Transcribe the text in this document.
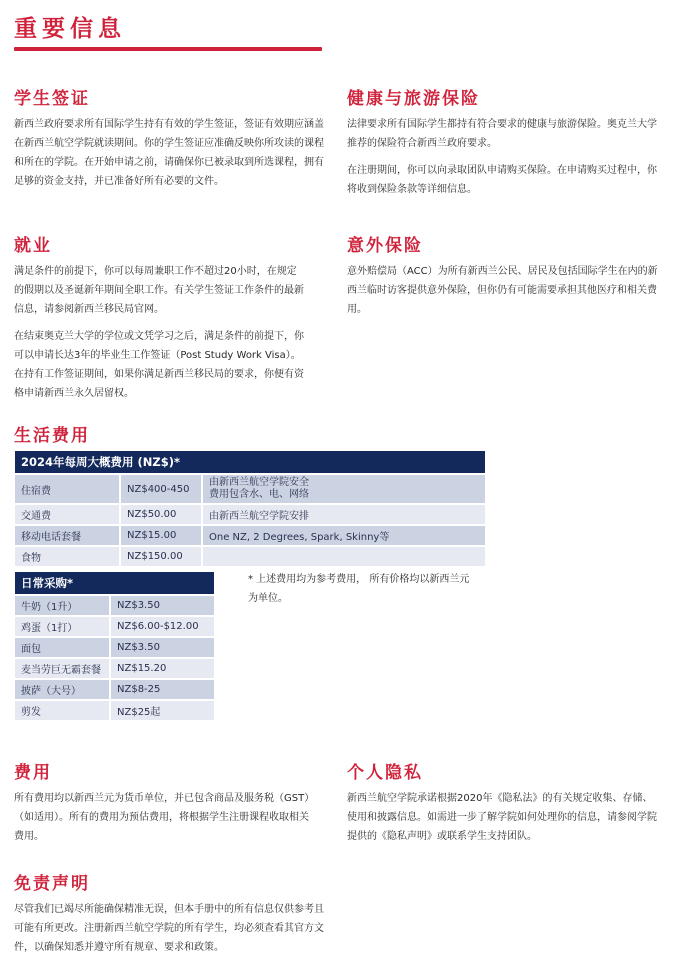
重要信息
学生签证

新西兰政府要求所有国际学生持有有效的学生签证，签证有效期应涵盖在新西兰航空学院就读期间。你的学生签证应准确反映你所攻读的课程和所在的学院。在开始申请之前，请确保你已被录取到所选课程，拥有足够的资金支持，并已准备好所有必要的文件。

健康与旅游保险

法律要求所有国际学生都持有符合要求的健康与旅游保险。奥克兰大学推荐的保险符合新西兰政府要求。

在注册期间，你可以向录取团队申请购买保险。在申请购买过程中，你将收到保险条款等详细信息。

就业

满足条件的前提下，你可以每周兼职工作不超过20小时，在规定的假期以及圣诞新年期间全职工作。有关学生签证工作条件的最新信息，请参阅新西兰移民局官网。

在结束奥克兰大学的学位或文凭学习之后，满足条件的前提下，你可以申请长达3年的毕业生工作签证（Post Study Work Visa）。在持有工作签证期间，如果你满足新西兰移民局的要求，你便有资格申请新西兰永久居留权。

意外保险

意外赔偿局（ACC）为所有新西兰公民、居民及包括国际学生在内的新西兰临时访客提供意外保险，但你仍有可能需要承担其他医疗和相关费用。

生活费用
2024年每周大概费用 (NZ$)*		
住宿费	NZ$400-450	由新西兰航空学院安全
费用包含水、电、网络

交通费	NZ$50.00	由新西兰航空学院安排
移动电话套餐	NZ$15.00	One NZ, 2 Degrees, Spark, Skinny等
食物	NZ$150.00	
日常采购*	
牛奶（1升）	NZ$3.50
鸡蛋（1打）	NZ$6.00-$12.00
面包	NZ$3.50
麦当劳巨无霸套餐	NZ$15.20
披萨（大号）	NZ$8-25
剪发	NZ$25起
* 上述费用均为参考费用， 所有价格均以新西兰元为单位。
费用

所有费用均以新西兰元为货币单位，并已包含商品及服务税（GST）（如适用）。所有的费用为预估费用，将根据学生注册课程收取相关费用。

个人隐私

新西兰航空学院承诺根据2020年《隐私法》的有关规定收集、存储、使用和披露信息。如需进一步了解学院如何处理你的信息，请参阅学院提供的《隐私声明》或联系学生支持团队。

免责声明

尽管我们已竭尽所能确保精准无误，但本手册中的所有信息仅供参考且可能有所更改。注册新西兰航空学院的所有学生，均必须查看其官方文件，以确保知悉并遵守所有规章、要求和政策。
